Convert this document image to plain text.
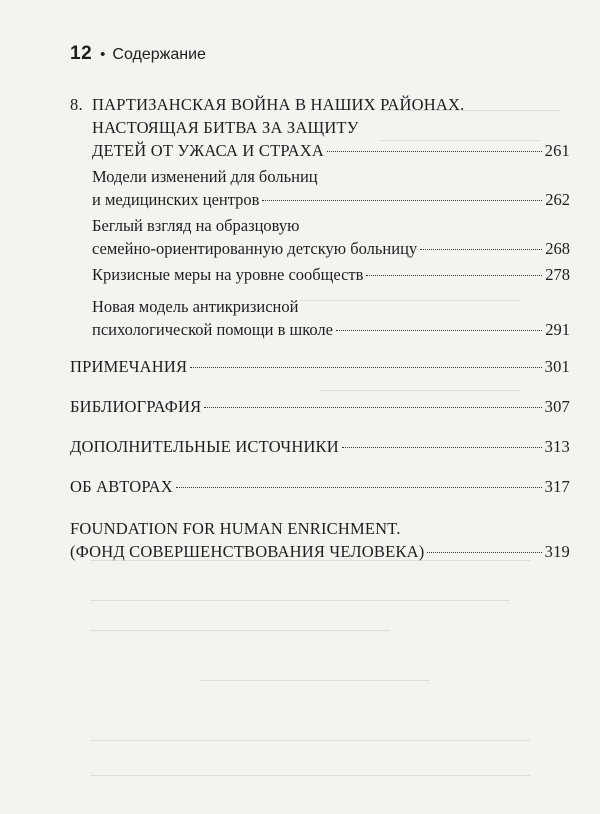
12 • Содержание
8. ПАРТИЗАНСКАЯ ВОЙНА В НАШИХ РАЙОНАХ.
НАСТОЯЩАЯ БИТВА ЗА ЗАЩИТУ
ДЕТЕЙ ОТ УЖАСА И СТРАХА	261
Модели изменений для больниц
и медицинских центров	262
Беглый взгляд на образцовую
семейно-ориентированную детскую больницу	268
Кризисные меры на уровне сообществ	278
Новая модель антикризисной
психологической помощи в школе	291
ПРИМЕЧАНИЯ	301
БИБЛИОГРАФИЯ	307
ДОПОЛНИТЕЛЬНЫЕ ИСТОЧНИКИ	313
ОБ АВТОРАХ	317
FOUNDATION FOR HUMAN ENRICHMENT.
(ФОНД СОВЕРШЕНСТВОВАНИЯ ЧЕЛОВЕКА)	319
